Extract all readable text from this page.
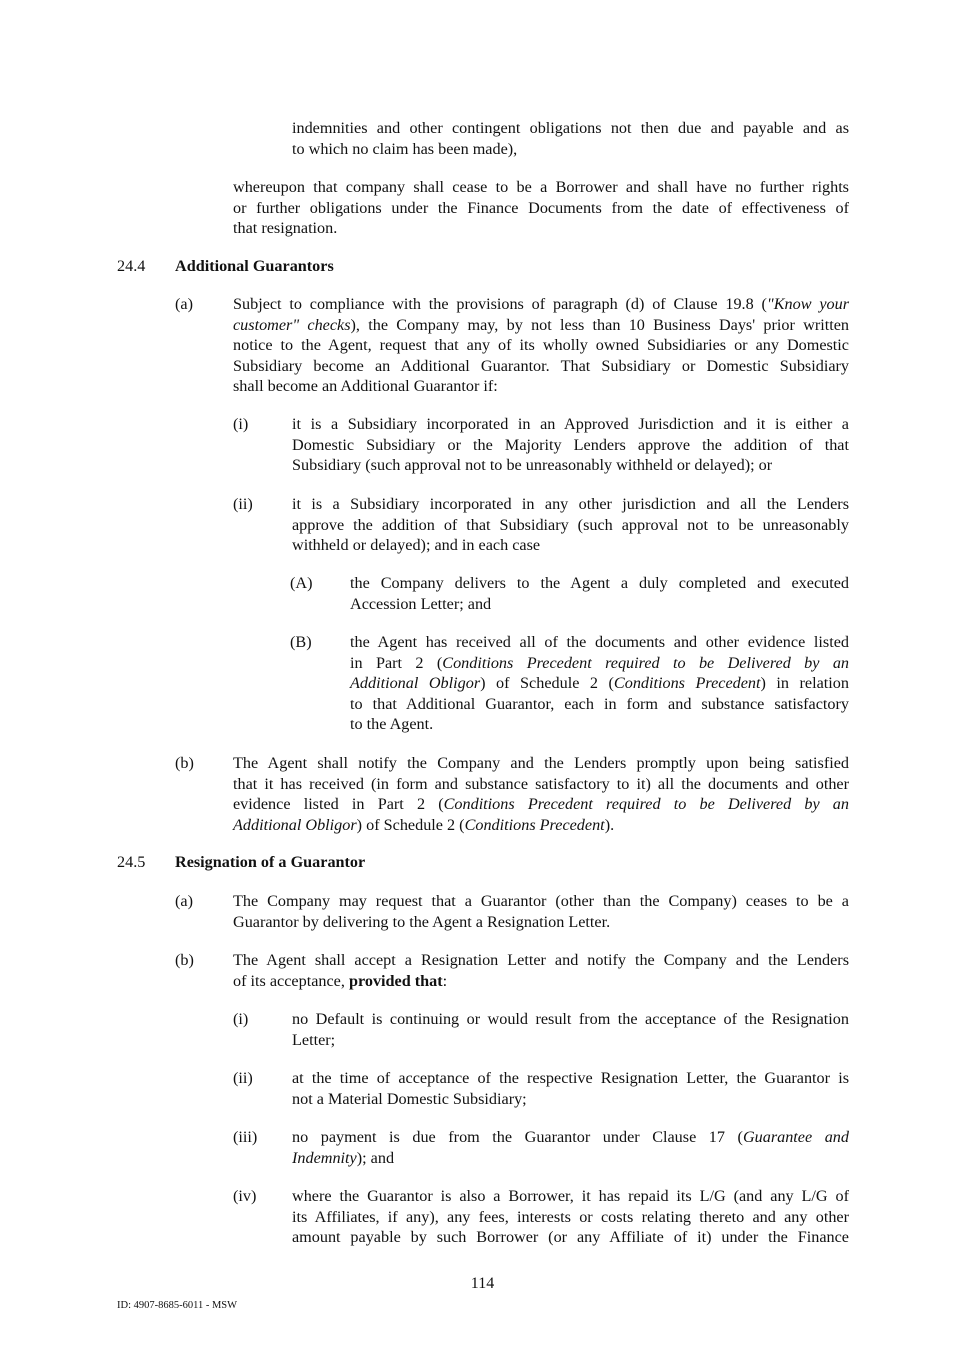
indemnities and other contingent obligations not then due and payable and as
to which no claim has been made),
whereupon that company shall cease to be a Borrower and shall have no further rights
or further obligations under the Finance Documents from the date of effectiveness of
that resignation.
24.4 Additional Guarantors
(a) Subject to compliance with the provisions of paragraph (d) of Clause 19.8 ("Know your
customer" checks), the Company may, by not less than 10 Business Days' prior written
notice to the Agent, request that any of its wholly owned Subsidiaries or any Domestic
Subsidiary become an Additional Guarantor. That Subsidiary or Domestic Subsidiary
shall become an Additional Guarantor if:
(i)	it is a Subsidiary incorporated in an Approved Jurisdiction and it is either a
Domestic Subsidiary or the Majority Lenders approve the addition of that
Subsidiary (such approval not to be unreasonably withheld or delayed); or
(ii) it is a Subsidiary incorporated in any other jurisdiction and all the Lenders
approve the addition of that Subsidiary (such approval not to be unreasonably
withheld or delayed); and in each case
(A) the Company delivers to the Agent a duly completed and executed
Accession Letter; and
(B) the Agent has received all of the documents and other evidence listed
in Part 2 (Conditions Precedent required to be Delivered by an
Additional Obligor) of Schedule 2 (Conditions Precedent) in relation
to that Additional Guarantor, each in form and substance satisfactory
to the Agent.
(b) The Agent shall notify the Company and the Lenders promptly upon being satisfied
that it has received (in form and substance satisfactory to it) all the documents and other
evidence listed in Part 2 (Conditions Precedent required to be Delivered by an
Additional Obligor) of Schedule 2 (Conditions Precedent).
24.5 Resignation of a Guarantor
(a) The Company may request that a Guarantor (other than the Company) ceases to be a
Guarantor by delivering to the Agent a Resignation Letter.
(b) The Agent shall accept a Resignation Letter and notify the Company and the Lenders
of its acceptance, provided that:
(i)	no Default is continuing or would result from the acceptance of the Resignation
Letter;
(ii) at the time of acceptance of the respective Resignation Letter, the Guarantor is
not a Material Domestic Subsidiary;
(iii) no payment is due from the Guarantor under Clause 17 (Guarantee and
Indemnity); and
(iv) where the Guarantor is also a Borrower, it has repaid its L/G (and any L/G of
its Affiliates, if any), any fees, interests or costs relating thereto and any other
amount payable by such Borrower (or any Affiliate of it) under the Finance
114
ID: 4907-8685-6011 - MSW
